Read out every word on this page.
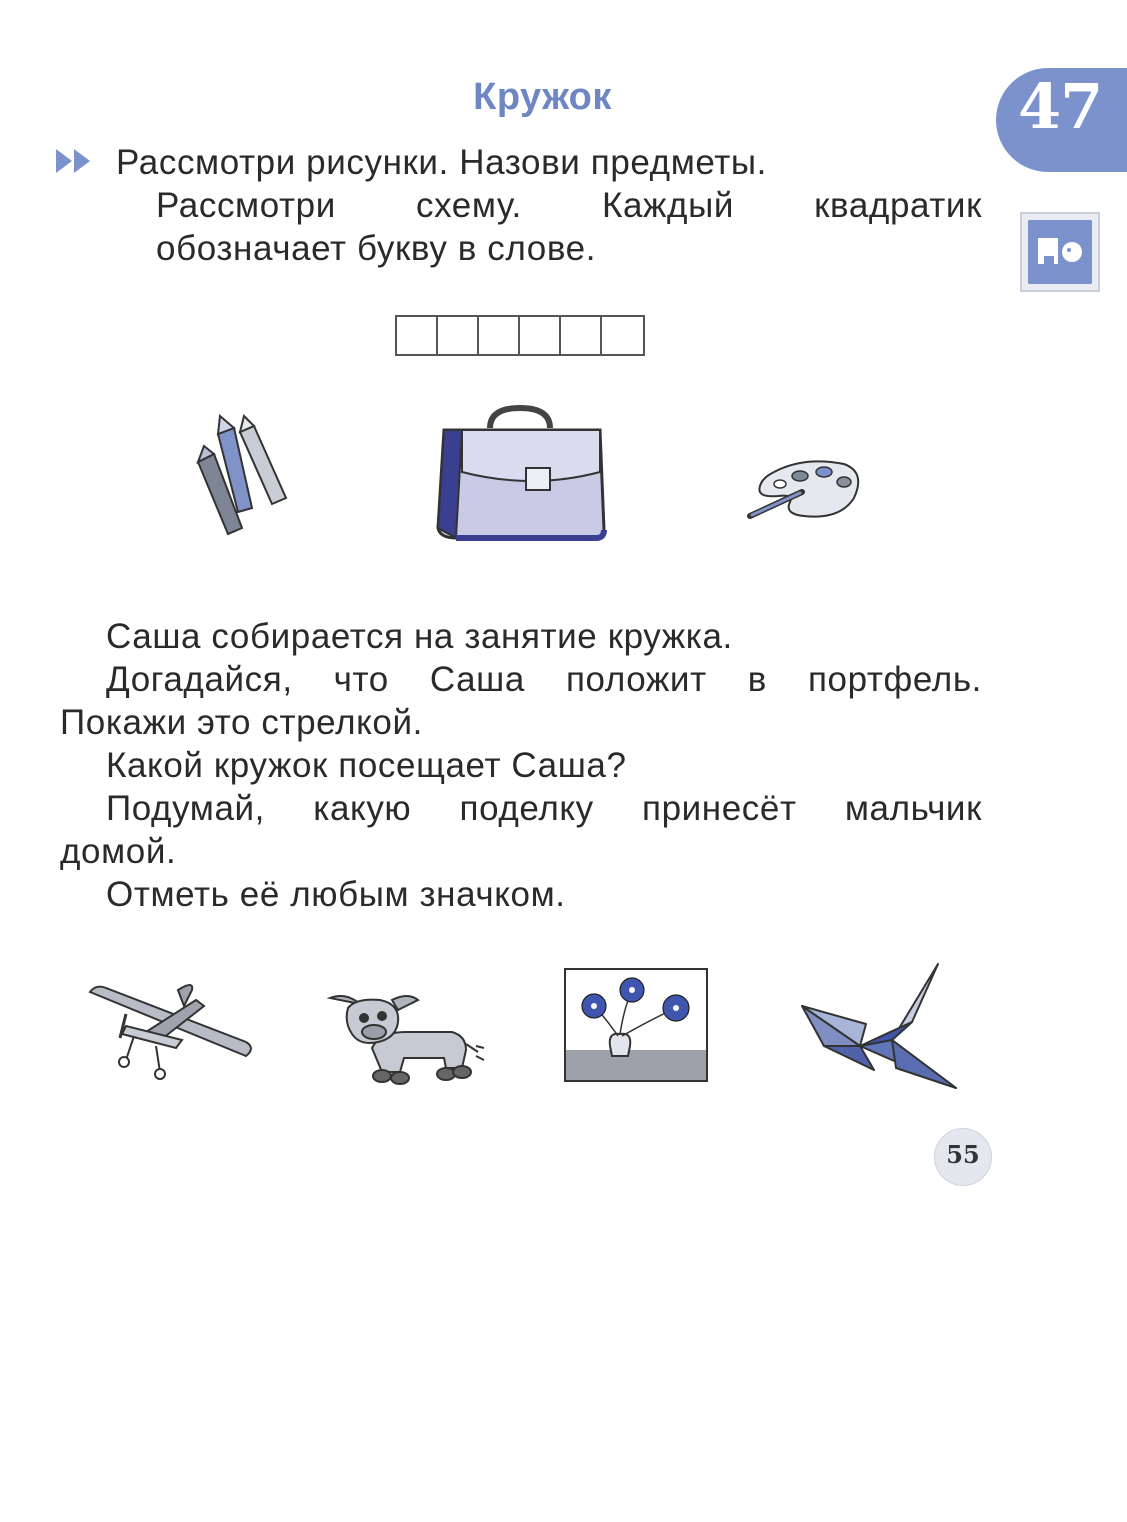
Кружок	47
Рассмотри рисунки. Назови предметы.
Рассмотри схему. Каждый квадратик
обозначает букву в слове.
Саша собирается на занятие кружка.
Догадайся, что Саша положит в портфель.
Покажи это стрелкой.
Какой кружок посещает Саша?
Подумай, какую поделку принесёт мальчик
домой.
Отметь её любым значком.
55
